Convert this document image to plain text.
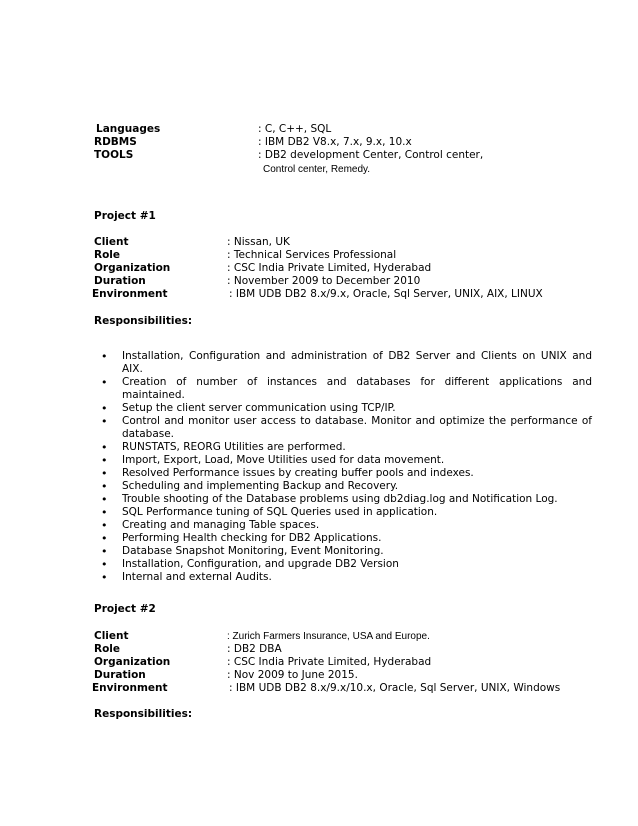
Languages	: C, C++, SQL
RDBMS	: IBM DB2 V8.x, 7.x, 9.x, 10.x
TOOLS	: DB2 development Center, Control center,
Control center, Remedy.
Project #1
Client	: Nissan, UK
Role	: Technical Services Professional
Organization	: CSC India Private Limited, Hyderabad
Duration	: November 2009 to December 2010
Environment	: IBM UDB DB2 8.x/9.x, Oracle, Sql Server, UNIX, AIX, LINUX
Responsibilities:
• Installation, Configuration and administration of DB2 Server and Clients on UNIX and AIX.
• Creation of number of instances and databases for different applications and maintained.
• Setup the client server communication using TCP/IP.
• Control and monitor user access to database. Monitor and optimize the performance of database.
• RUNSTATS, REORG Utilities are performed.
• Import, Export, Load, Move Utilities used for data movement.
• Resolved Performance issues by creating buffer pools and indexes.
• Scheduling and implementing Backup and Recovery.
• Trouble shooting of the Database problems using db2diag.log and Notification Log.
• SQL Performance tuning of SQL Queries used in application.
• Creating and managing Table spaces.
• Performing Health checking for DB2 Applications.
• Database Snapshot Monitoring, Event Monitoring.
• Installation, Configuration, and upgrade DB2 Version
• Internal and external Audits.
Project #2
Client	: Zurich Farmers Insurance, USA and Europe.
Role	: DB2 DBA
Organization	: CSC India Private Limited, Hyderabad
Duration	: Nov 2009 to June 2015.
Environment	: IBM UDB DB2 8.x/9.x/10.x, Oracle, Sql Server, UNIX, Windows
Responsibilities:
